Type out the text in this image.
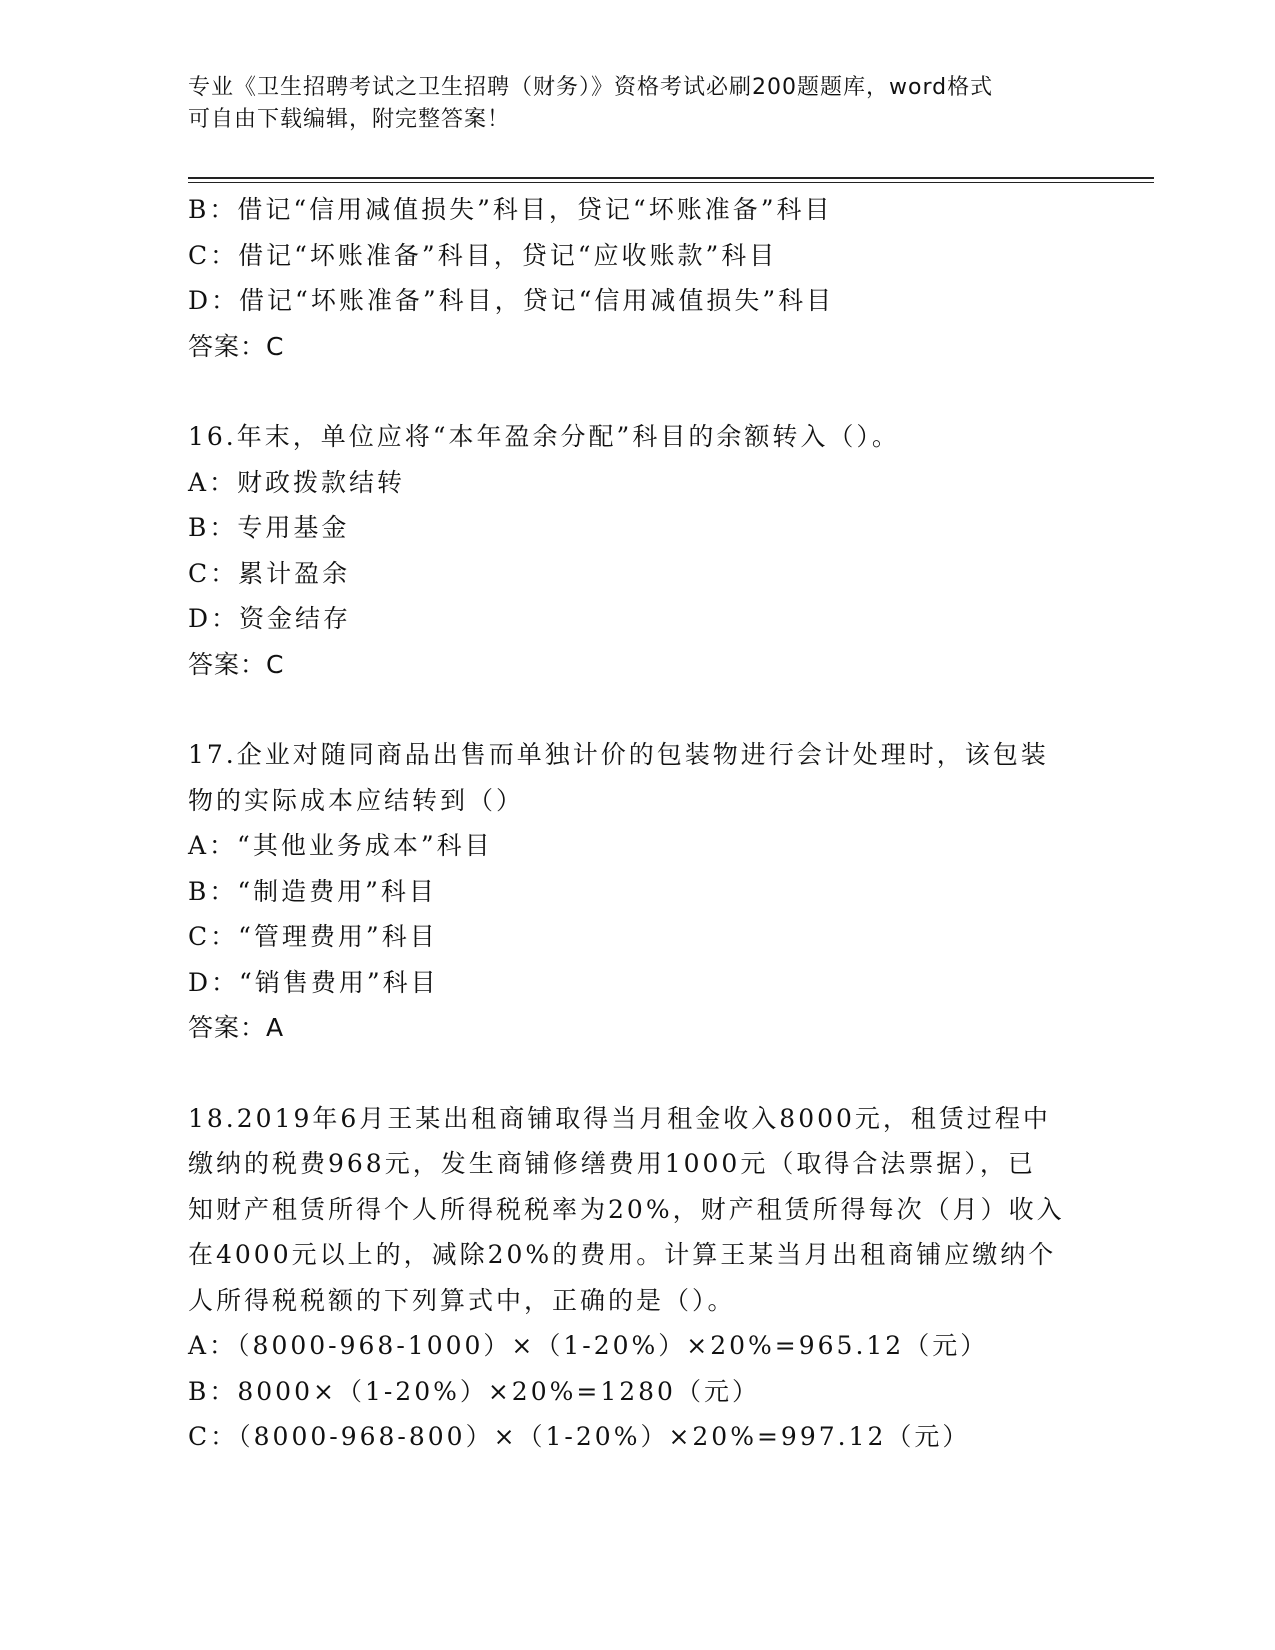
专业《卫生招聘考试之卫生招聘（财务）》资格考试必刷200题题库，word格式
可自由下载编辑，附完整答案！
B：借记“信用减值损失”科目，贷记“坏账准备”科目
C：借记“坏账准备”科目，贷记“应收账款”科目
D：借记“坏账准备”科目，贷记“信用减值损失”科目
答案：C
16.年末，单位应将“本年盈余分配”科目的余额转入（）。
A：财政拨款结转
B：专用基金
C：累计盈余
D：资金结存
答案：C
17.企业对随同商品出售而单独计价的包装物进行会计处理时，该包装
物的实际成本应结转到（）
A：“其他业务成本”科目
B：“制造费用”科目
C：“管理费用”科目
D：“销售费用”科目
答案：A
18.2019年6月王某出租商铺取得当月租金收入8000元，租赁过程中
缴纳的税费968元，发生商铺修缮费用1000元（取得合法票据），已
知财产租赁所得个人所得税税率为20%，财产租赁所得每次（月）收入
在4000元以上的，减除20%的费用。计算王某当月出租商铺应缴纳个
人所得税税额的下列算式中，正确的是（）。
A：（8000-968-1000）×（1-20%）×20%=965.12（元）
B：8000×（1-20%）×20%=1280（元）
C：（8000-968-800）×（1-20%）×20%=997.12（元）
